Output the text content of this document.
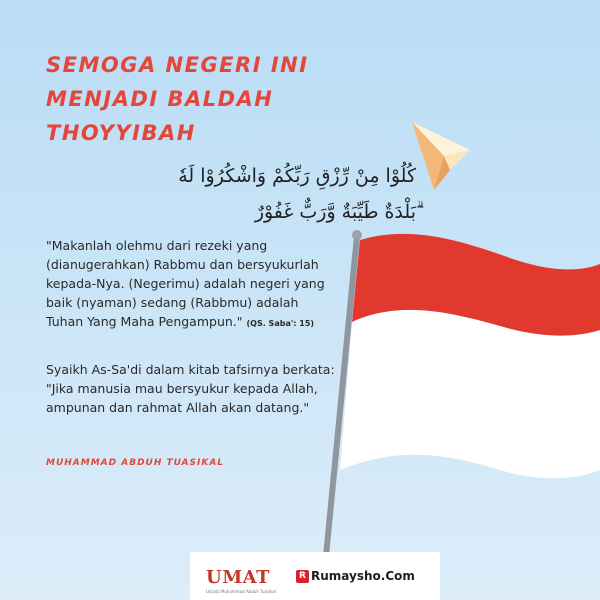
SEMOGA NEGERI INI
MENJADI BALDAH
THOYYIBAH
كُلُوْا مِنْ رِّزْقِ رَبِّكُمْ وَاشْكُرُوْا لَهٗ
ۗبَلْدَةٌ طَيِّبَةٌ وَّرَبٌّ غَفُوْرٌ

"Makanlah olehmu dari rezeki yang (dianugerahkan) Rabbmu dan bersyukurlah kepada-Nya. (Negerimu) adalah negeri yang baik (nyaman) sedang (Rabbmu) adalah Tuhan Yang Maha Pengampun." (QS. Saba': 15)

Syaikh As-Sa'di dalam kitab tafsirnya berkata: "Jika manusia mau bersyukur kepada Allah, ampunan dan rahmat Allah akan datang."

MUHAMMAD ABDUH TUASIKAL

UMAT
Ustadz Muhammad Abduh Tuasikal
R Rumaysho.Com
